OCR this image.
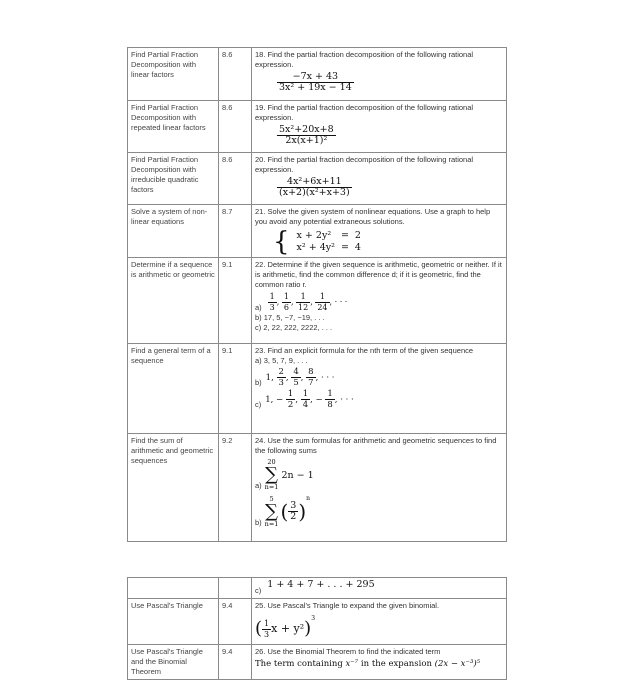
Find Partial Fraction Decomposition with linear factors	8.6	18. Find the partial fraction decomposition of the following rational expression.
$\frac{-7x + 43}{\text{3x² + 19x − 14}}$

Find Partial Fraction Decomposition with repeated linear factors	8.6	19. Find the partial fraction decomposition of the following rational expression.
$\frac{\text{5x²+20x+8}}{\text{2x(x+1)²}}$

Find Partial Fraction Decomposition with irreducible quadratic factors	8.6	20. Find the partial fraction decomposition of the following rational expression.
$\frac{\text{4x²+6x+11}}{\text{(x+2)(x²+x+3)}}$

Solve a system of non-linear equations	8.7	21. Solve the given system of nonlinear equations. Use a graph to help you avoid any potential extraneous solutions.
{ x + 2y²	=	2
x² + 4y²	=	4

Determine if a sequence is arithmetic or geometric	9.1	22. Determine if the given sequence is arithmetic, geometric or neither. If it is arithmetic, find the common difference d; if it is geometric, find the common ratio r.
$a) \frac{1}{3}$ , $\frac{1}{6}$ , $\frac{1}{12}$ , $\frac{1}{24}$ , · · ·
b) 17, 5, −7, −19, . . .
c) 2, 22, 222, 2222, . . .

Find a general term of a sequence	9.1	23. Find an explicit formula for the nth term of the given sequence
a) 3, 5, 7, 9, . . .
b) 1, $\frac{2}{3}$ , $\frac{4}{5}$ , $\frac{8}{7}$ , · · ·
c) 1, − $\frac{1}{2}$ , $\frac{1}{4}$ , − $\frac{1}{8}$ , · · ·

Find the sum of arithmetic and geometric sequences	9.2	24. Use the sum formulas for arithmetic and geometric sequences to find the following sums
a)
20
∑
n=1
2n − 1
b)
5
∑
n=1
( $\frac{3}{2} )^n$

		c)
1 + 4 + 7 + . . . + 295

Use Pascal's Triangle	9.4	25. Use Pascal's Triangle to expand the given binomial.
( $\frac{1}{3}$ x + y²)$^3$

Use Pascal's Triangle and the Binomial Theorem	9.4	26. Use the Binomial Theorem to find the indicated term
The term containing x⁻⁷ in the expansion (2x − x⁻³)⁵
